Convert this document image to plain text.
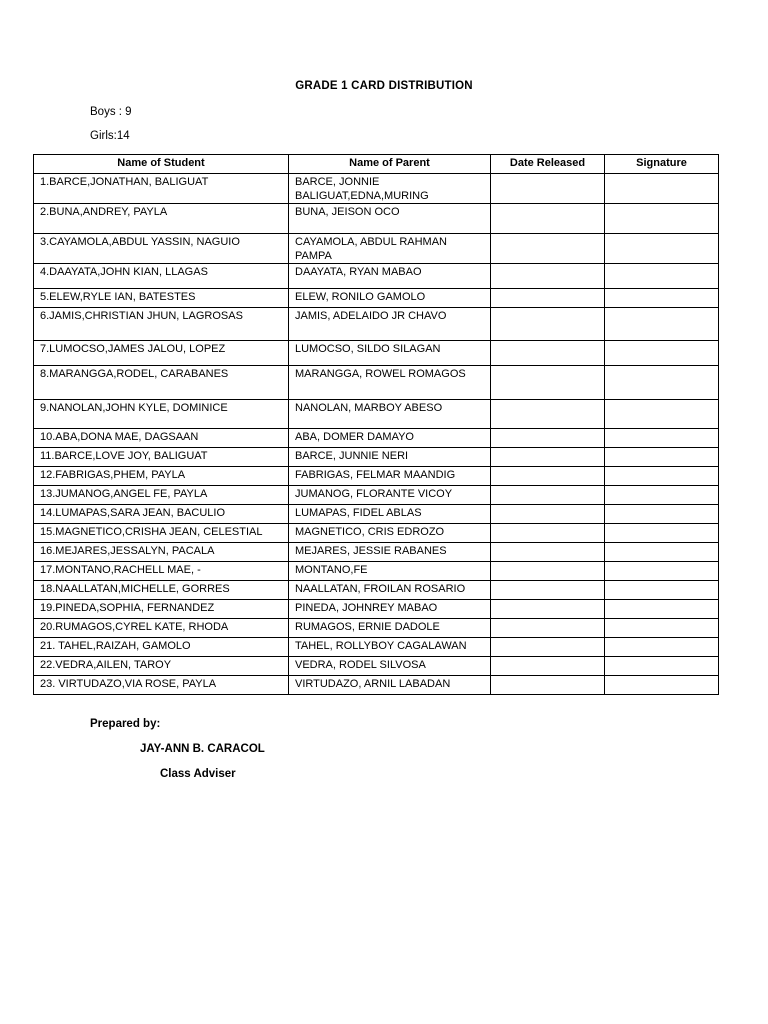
GRADE 1 CARD DISTRIBUTION
Boys : 9
Girls:14
Name of Student	Name of Parent	Date Released	Signature
1.BARCE,JONATHAN, BALIGUAT	BARCE, JONNIE BALIGUAT,EDNA,MURING		
2.BUNA,ANDREY, PAYLA	BUNA, JEISON OCO		
3.CAYAMOLA,ABDUL YASSIN, NAGUIO	CAYAMOLA, ABDUL RAHMAN PAMPA		
4.DAAYATA,JOHN KIAN, LLAGAS	DAAYATA, RYAN MABAO		
5.ELEW,RYLE IAN, BATESTES	ELEW, RONILO GAMOLO		
6.JAMIS,CHRISTIAN JHUN, LAGROSAS	JAMIS, ADELAIDO JR CHAVO		
7.LUMOCSO,JAMES JALOU, LOPEZ	LUMOCSO, SILDO SILAGAN		
8.MARANGGA,RODEL, CARABANES	MARANGGA, ROWEL ROMAGOS		
9.NANOLAN,JOHN KYLE, DOMINICE	NANOLAN, MARBOY ABESO		
10.ABA,DONA MAE, DAGSAAN	ABA, DOMER DAMAYO		
11.BARCE,LOVE JOY, BALIGUAT	BARCE, JUNNIE NERI		
12.FABRIGAS,PHEM, PAYLA	FABRIGAS, FELMAR MAANDIG		
13.JUMANOG,ANGEL FE, PAYLA	JUMANOG, FLORANTE VICOY		
14.LUMAPAS,SARA JEAN, BACULIO	LUMAPAS, FIDEL ABLAS		
15.MAGNETICO,CRISHA JEAN, CELESTIAL	MAGNETICO, CRIS EDROZO		
16.MEJARES,JESSALYN, PACALA	MEJARES, JESSIE RABANES		
17.MONTANO,RACHELL MAE, -	MONTANO,FE		
18.NAALLATAN,MICHELLE, GORRES	NAALLATAN, FROILAN ROSARIO		
19.PINEDA,SOPHIA, FERNANDEZ	PINEDA, JOHNREY MABAO		
20.RUMAGOS,CYREL KATE, RHODA	RUMAGOS, ERNIE DADOLE		
21. TAHEL,RAIZAH, GAMOLO	TAHEL, ROLLYBOY CAGALAWAN		
22.VEDRA,AILEN, TAROY	VEDRA, RODEL SILVOSA		
23. VIRTUDAZO,VIA ROSE, PAYLA	VIRTUDAZO, ARNIL LABADAN		
Prepared by:
JAY-ANN B. CARACOL
Class Adviser
